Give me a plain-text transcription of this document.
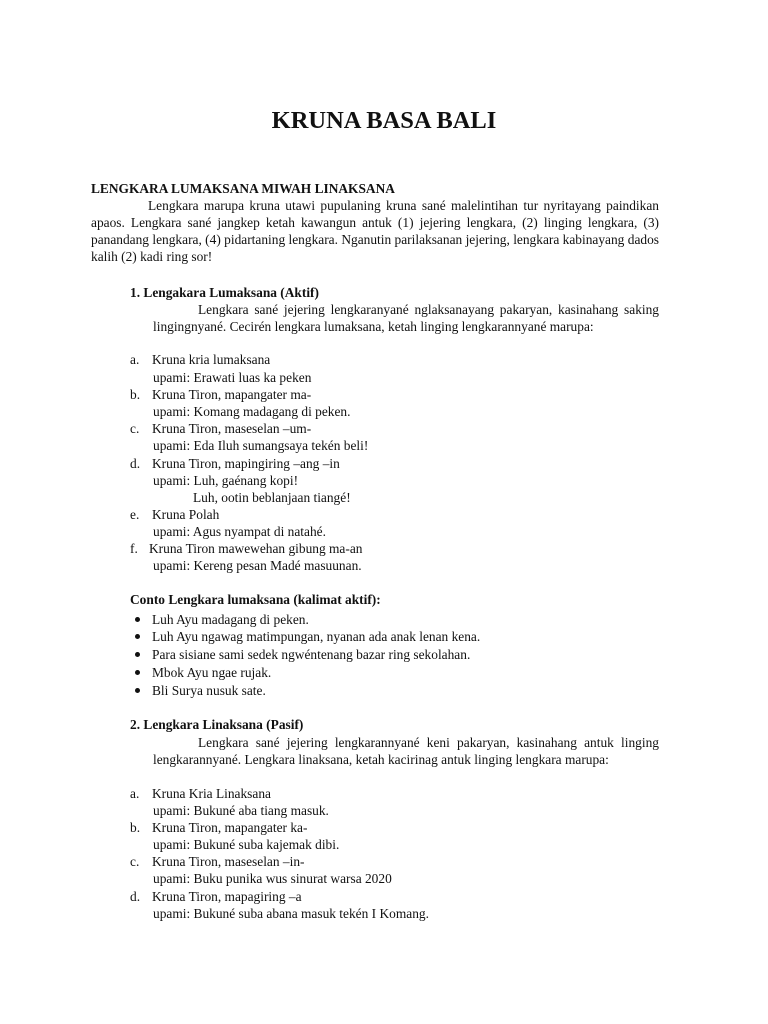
KRUNA BASA BALI
LENGKARA LUMAKSANA MIWAH LINAKSANA
Lengkara marupa kruna utawi pupulaning kruna sané malelintihan tur nyritayang paindikan apaos. Lengkara sané jangkep ketah kawangun antuk (1) jejering lengkara, (2) linging lengkara, (3) panandang lengkara, (4) pidartaning lengkara. Nganutin parilaksanan jejering, lengkara kabinayang dados kalih (2) kadi ring sor!
1. Lengakara Lumaksana (Aktif)
Lengkara sané jejering lengkaranyané nglaksanayang pakaryan, kasinahang saking lingingnyané. Cecirén lengkara lumaksana, ketah linging lengkarannyané marupa:
a. Kruna kria lumaksana
upami: Erawati luas ka peken
b. Kruna Tiron, mapangater ma-
upami: Komang madagang di peken.
c. Kruna Tiron, maseselan –um-
upami: Eda Iluh sumangsaya tekén beli!
d. Kruna Tiron, mapingiring –ang –in
upami: Luh, gaénang kopi!
Luh, ootin beblanjaan tiangé!
e. Kruna Polah
upami: Agus nyampat di natahé.
f. Kruna Tiron mawewehan gibung ma-an
upami: Kereng pesan Madé masuunan.
Conto Lengkara lumaksana (kalimat aktif):
Luh Ayu madagang di peken.
Luh Ayu ngawag matimpungan, nyanan ada anak lenan kena.
Para sisiane sami sedek ngwéntenang bazar ring sekolahan.
Mbok Ayu ngae rujak.
Bli Surya nusuk sate.
2. Lengkara Linaksana (Pasif)
Lengkara sané jejering lengkarannyané keni pakaryan, kasinahang antuk linging lengkarannyané. Lengkara linaksana, ketah kacirinag antuk linging lengkara marupa:
a. Kruna Kria Linaksana
upami: Bukuné aba tiang masuk.
b. Kruna Tiron, mapangater ka-
upami: Bukuné suba kajemak dibi.
c. Kruna Tiron, maseselan –in-
upami: Buku punika wus sinurat warsa 2020
d. Kruna Tiron, mapagiring –a
upami: Bukuné suba abana masuk tekén I Komang.
